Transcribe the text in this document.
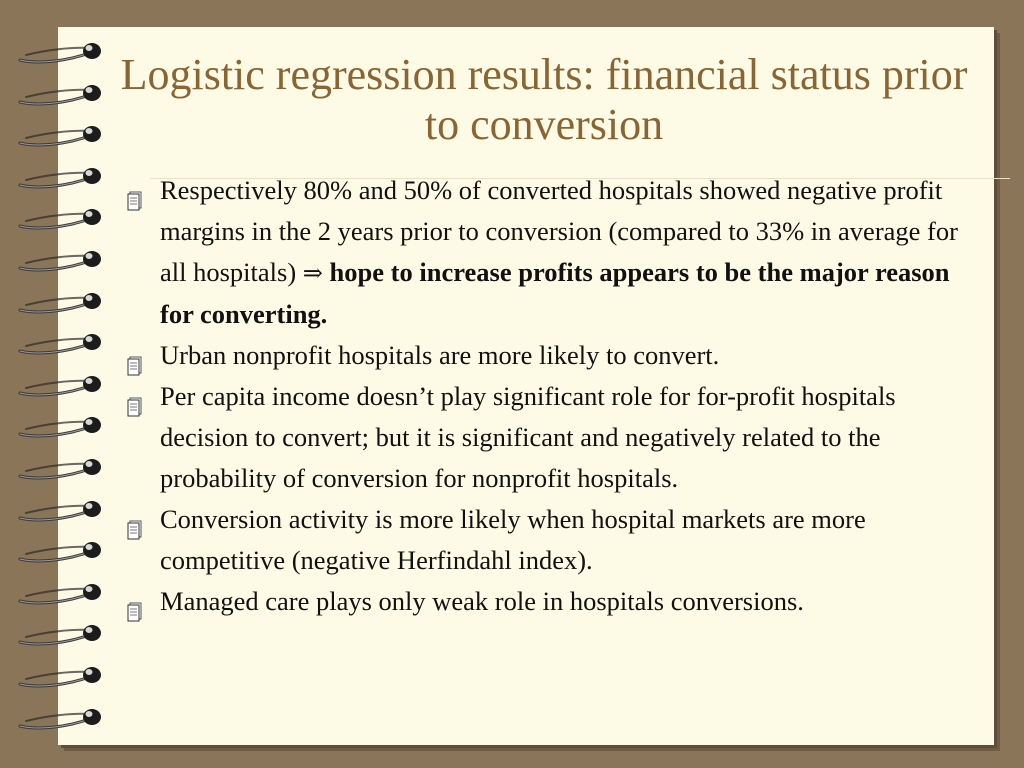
Logistic regression results: financial status prior to conversion
Respectively 80% and 50% of converted hospitals showed negative profit margins in the 2 years prior to conversion (compared to 33% in average for all hospitals) ⇒ hope to increase profits appears to be the major reason for converting.
Urban nonprofit hospitals are more likely to convert.
Per capita income doesn’t play significant role for for-profit hospitals decision to convert; but it is significant and negatively related to the probability of conversion for nonprofit hospitals.
Conversion activity is more likely when hospital markets are more competitive (negative Herfindahl index).
Managed care plays only weak role in hospitals conversions.
